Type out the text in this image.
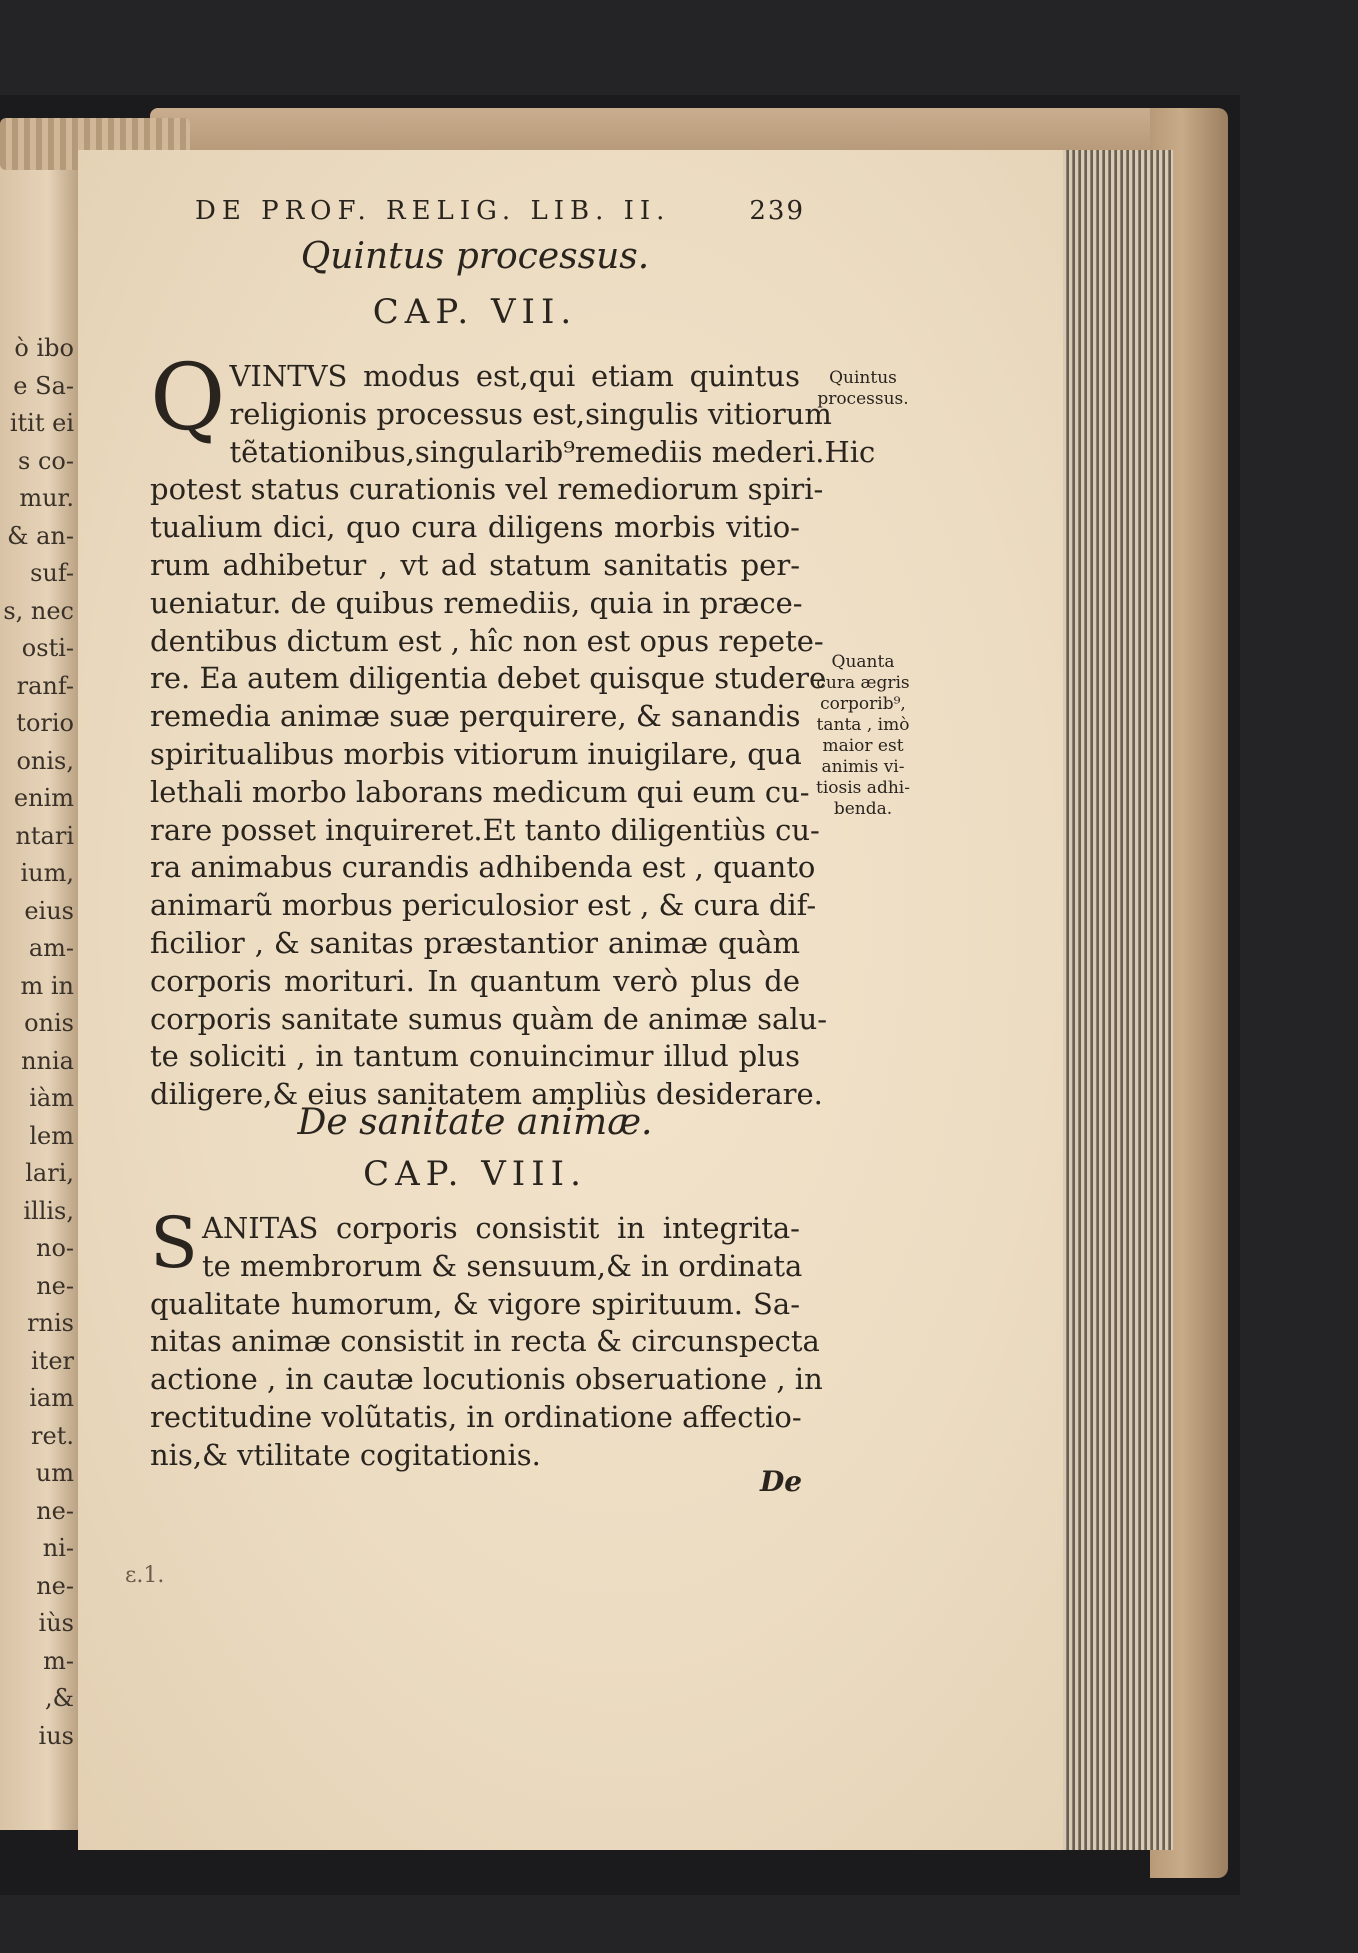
ò ibo
e Sa-
itit ei
s co-
mur.
& an-
suf-
s, nec
osti-
ranf-
torio
onis,
enim
ntari
ium,
eius
am-
m in
onis
nnia
iàm
lem
lari,
illis,
no-
ne-
rnis
iter
iam
ret.
um
ne-
ni-
ne-
iùs
m-
,&
ius
DE PROF. RELIG. LIB. II.	239
Quintus processus.
CAP. VII.
Q VINTVS modus est,qui etiam quintus
religionis processus est,singulis vitiorum
tẽtationibus,singularib⁹remediis mederi.Hic
potest status curationis vel remediorum spiri-
tualium dici, quo cura diligens morbis vitio-
rum adhibetur , vt ad statum sanitatis per-
ueniatur. de quibus remediis, quia in præce-
dentibus dictum est , hîc non est opus repete-
re. Ea autem diligentia debet quisque studere
remedia animæ suæ perquirere, & sanandis
spiritualibus morbis vitiorum inuigilare, qua
lethali morbo laborans medicum qui eum cu-
rare posset inquireret.Et tanto diligentiùs cu-
ra animabus curandis adhibenda est , quanto
animarũ morbus periculosior est , & cura dif-
ficilior , & sanitas præstantior animæ quàm
corporis morituri. In quantum verò plus de
corporis sanitate sumus quàm de animæ salu-
te soliciti , in tantum conuincimur illud plus
diligere,& eius sanitatem ampliùs desiderare.
Quintus
processus.
Quanta
cura ægris
corporib⁹,
tanta , imò
maior est
animis vi-
tiosis adhi-
benda.
De sanitate animæ.
CAP. VIII.
S ANITAS corporis consistit in integrita-
te membrorum & sensuum,& in ordinata
qualitate humorum, & vigore spirituum. Sa-
nitas animæ consistit in recta & circunspecta
actione , in cautæ locutionis obseruatione , in
rectitudine volũtatis, in ordinatione affectio-
nis,& vtilitate cogitationis.
De
ɛ.1.
